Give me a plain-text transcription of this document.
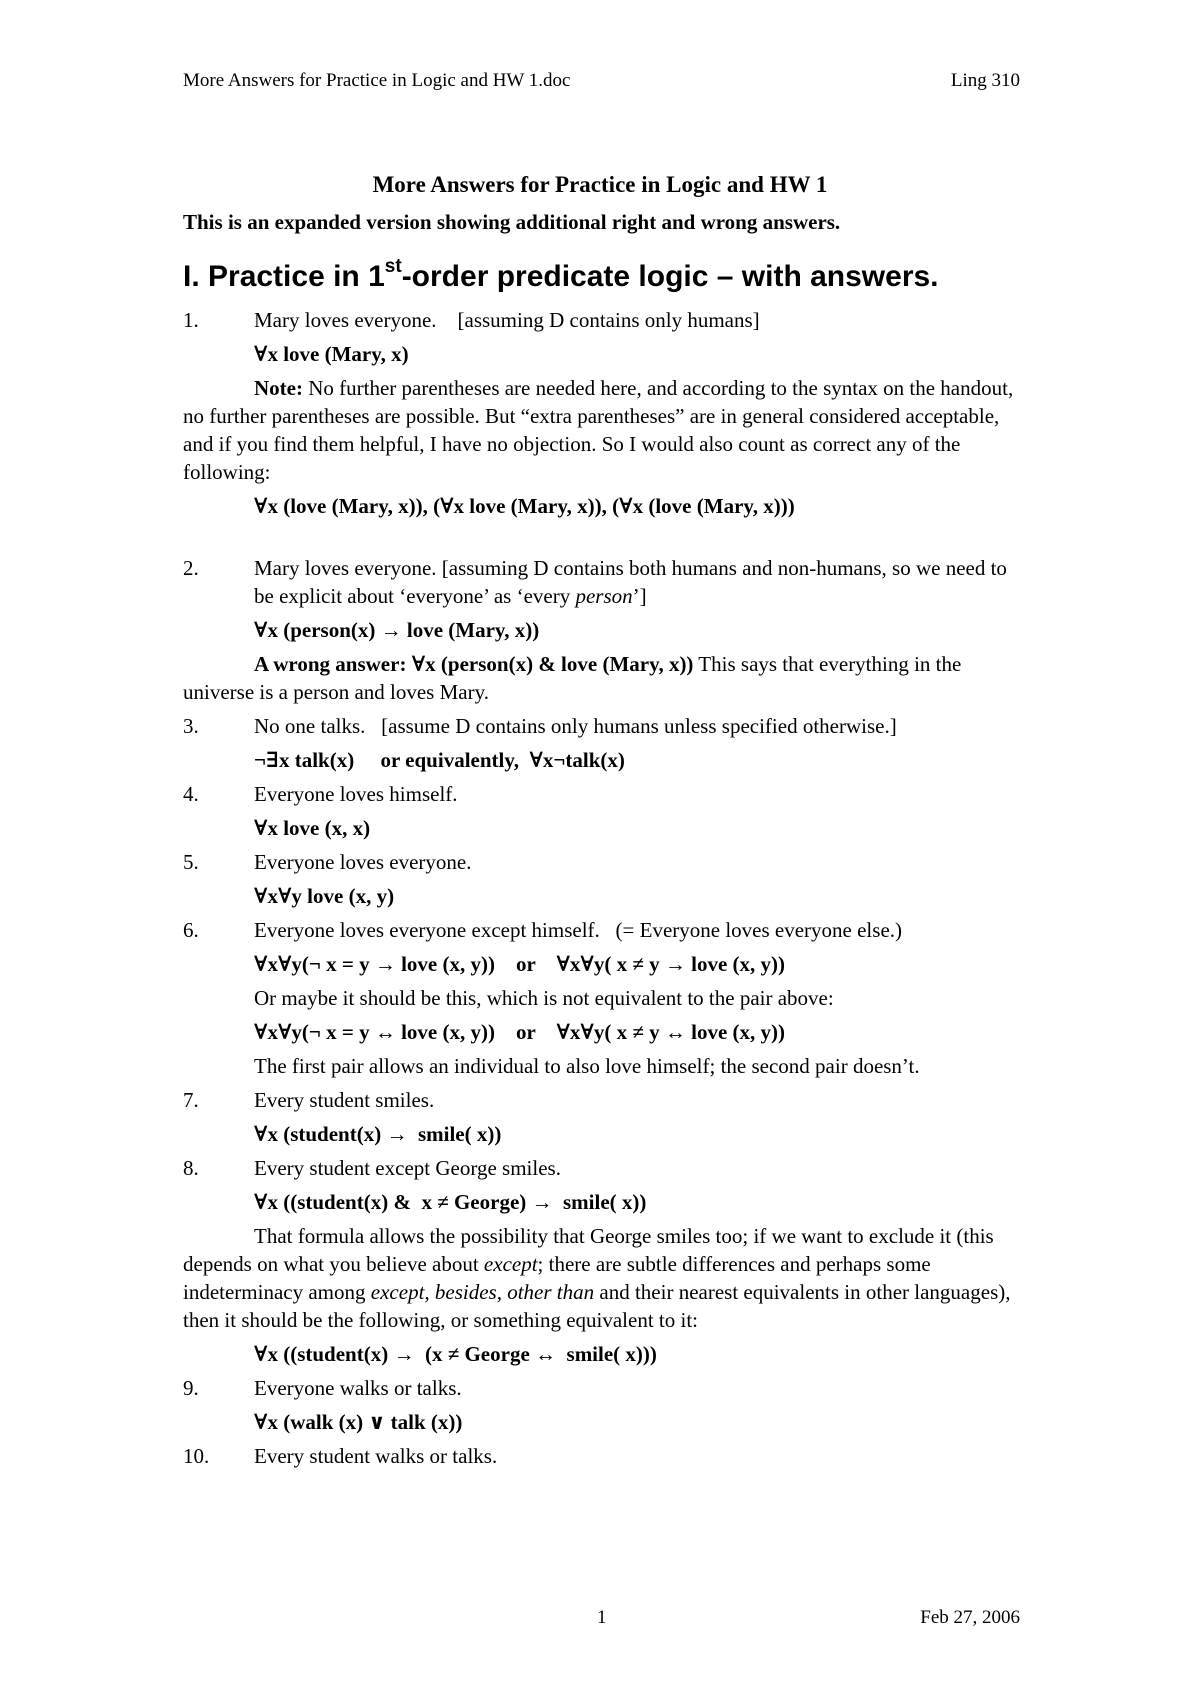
More Answers for Practice in Logic and HW 1.doc	Ling 310
More Answers for Practice in Logic and HW 1

This is an expanded version showing additional right and wrong answers.

I. Practice in 1st-order predicate logic – with answers.
1.	Mary loves everyone.    [assuming D contains only humans]
∀x love (Mary, x)

Note: No further parentheses are needed here, and according to the syntax on the handout, no further parentheses are possible. But “extra parentheses” are in general considered acceptable, and if you find them helpful, I have no objection. So I would also count as correct any of the following:

∀x (love (Mary, x)), (∀x love (Mary, x)), (∀x (love (Mary, x)))
2.	Mary loves everyone. [assuming D contains both humans and non-humans, so we need to be explicit about ‘everyone’ as ‘every person’]
∀x (person(x) → love (Mary, x))

A wrong answer: ∀x (person(x) & love (Mary, x)) This says that everything in the universe is a person and loves Mary.

3.	No one talks.   [assume D contains only humans unless specified otherwise.]
¬∃x talk(x)     or equivalently,  ∀x¬talk(x)
4.	Everyone loves himself.
∀x love (x, x)
5.	Everyone loves everyone.
∀x∀y love (x, y)
6.	Everyone loves everyone except himself.   (= Everyone loves everyone else.)
∀x∀y(¬ x = y → love (x, y))    or    ∀x∀y( x ≠ y → love (x, y))
Or maybe it should be this, which is not equivalent to the pair above:
∀x∀y(¬ x = y ↔ love (x, y))    or    ∀x∀y( x ≠ y ↔ love (x, y))
The first pair allows an individual to also love himself; the second pair doesn’t.
7.	Every student smiles.
∀x (student(x) →  smile( x))
8.	Every student except George smiles.
∀x ((student(x) &  x ≠ George) →  smile( x))

That formula allows the possibility that George smiles too; if we want to exclude it (this depends on what you believe about except; there are subtle differences and perhaps some indeterminacy among except, besides, other than and their nearest equivalents in other languages), then it should be the following, or something equivalent to it:

∀x ((student(x) →  (x ≠ George ↔  smile( x)))
9.	Everyone walks or talks.
∀x (walk (x) ∨ talk (x))
10. Every student walks or talks.
1	Feb 27, 2006
